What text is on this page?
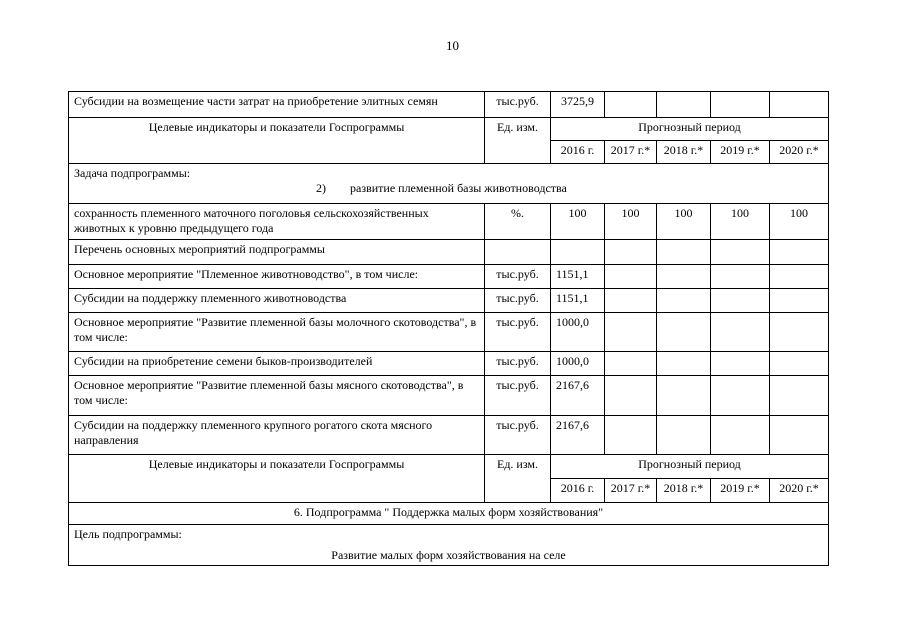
10
Субсидии на возмещение части затрат на приобретение элитных семян	тыс.руб.	3725,9				
Целевые индикаторы и показатели Госпрограммы	Ед. изм.	Прогнозный период				
		2016 г.	2017 г.*	2018 г.*	2019 г.*	2020 г.*

Задача подпрограммы:
2) развитие племенной базы животноводства						

сохранность племенного маточного поголовья сельскохозяйственных животных к уровню предыдущего года	%.	100	100	100	100	100
Перечень основных мероприятий подпрограммы						
Основное мероприятие "Племенное животноводство", в том числе:	тыс.руб.	1151,1				
Субсидии на поддержку племенного животноводства	тыс.руб.	1151,1				
Основное мероприятие "Развитие племенной базы молочного скотоводства", в том числе:	тыс.руб.	1000,0				
Субсидии на приобретение семени быков-производителей	тыс.руб.	1000,0				
Основное мероприятие "Развитие племенной базы мясного скотоводства", в том числе:	тыс.руб.	2167,6				
Субсидии на поддержку племенного крупного рогатого скота мясного направления	тыс.руб.	2167,6				
Целевые индикаторы и показатели Госпрограммы	Ед. изм.	Прогнозный период				
		2016 г.	2017 г.*	2018 г.*	2019 г.*	2020 г.*
6. Подпрограмма " Поддержка малых форм хозяйствования"						

Цель подпрограммы:
Развитие малых форм хозяйствования на селе						
